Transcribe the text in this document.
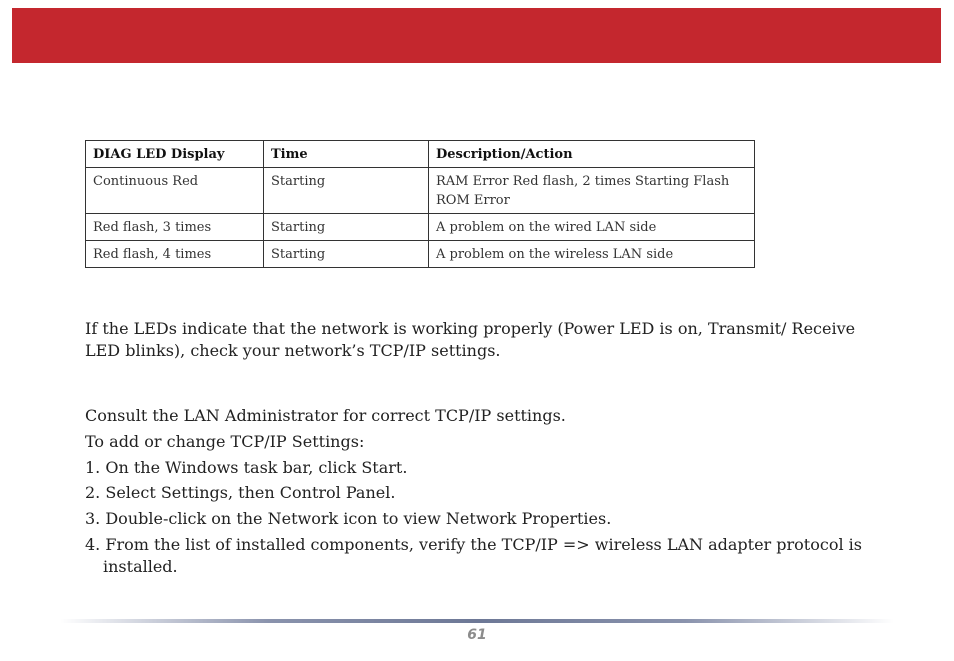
DIAG LED Display	Time	Description/Action
Continuous Red	Starting	RAM Error Red flash, 2 times Starting Flash ROM Error
Red flash, 3 times	Starting	A problem on the wired LAN side
Red flash, 4 times	Starting	A problem on the wireless LAN side

If the LEDs indicate that the network is working properly (Power LED is on, Transmit/ Receive LED blinks), check your network’s TCP/IP settings.

Consult the LAN Administrator for correct TCP/IP settings.

To add or change TCP/IP Settings:

1. On the Windows task bar, click Start.

2. Select Settings, then Control Panel.

3. Double-click on the Network icon to view Network Properties.

4. From the list of installed components, verify the TCP/IP => wireless LAN adapter protocol is installed.

61
